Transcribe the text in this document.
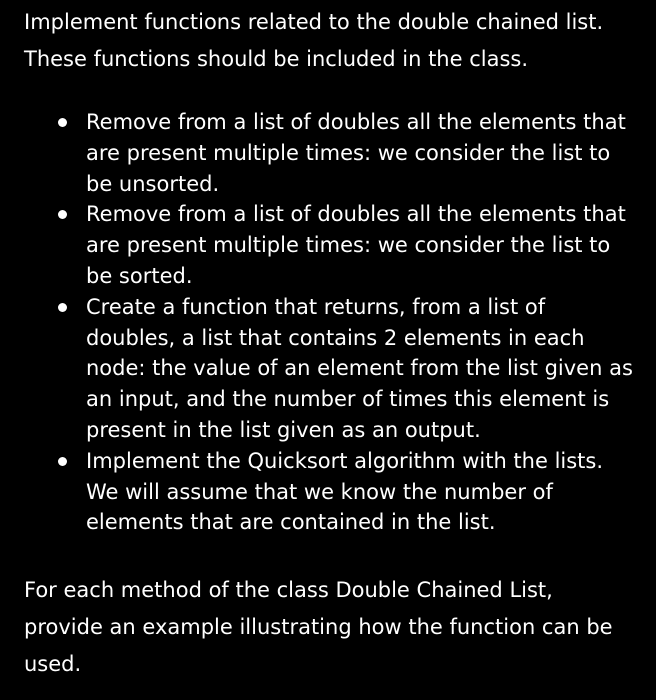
Implement functions related to the double chained list.

These functions should be included in the class.

Remove from a list of doubles all the elements that
are present multiple times: we consider the list to
be unsorted.
Remove from a list of doubles all the elements that
are present multiple times: we consider the list to
be sorted.
Create a function that returns, from a list of
doubles, a list that contains 2 elements in each
node: the value of an element from the list given as
an input, and the number of times this element is
present in the list given as an output.
Implement the Quicksort algorithm with the lists.
We will assume that we know the number of
elements that are contained in the list.

For each method of the class Double Chained List,

provide an example illustrating how the function can be

used.
